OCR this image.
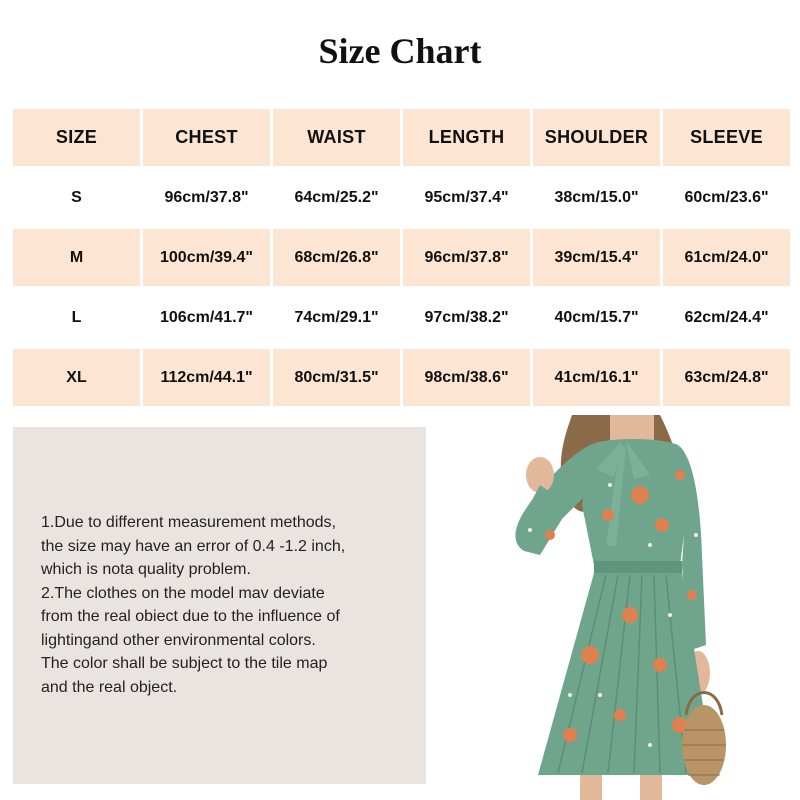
Size Chart
SIZE	CHEST	WAIST	LENGTH	SHOULDER	SLEEVE
S	96cm/37.8"	64cm/25.2"	95cm/37.4"	38cm/15.0"	60cm/23.6"
M	100cm/39.4"	68cm/26.8"	96cm/37.8"	39cm/15.4"	61cm/24.0"
L	106cm/41.7"	74cm/29.1"	97cm/38.2"	40cm/15.7"	62cm/24.4"
XL	112cm/44.1"	80cm/31.5"	98cm/38.6"	41cm/16.1"	63cm/24.8"

1.Due to different measurement methods,

the size may have an error of 0.4 -1.2 inch,

which is nota quality problem.

2.The clothes on the model mav deviate

from the real obiect due to the influence of

lightingand other environmental colors.

The color shall be subject to the tile map

and the real object.
